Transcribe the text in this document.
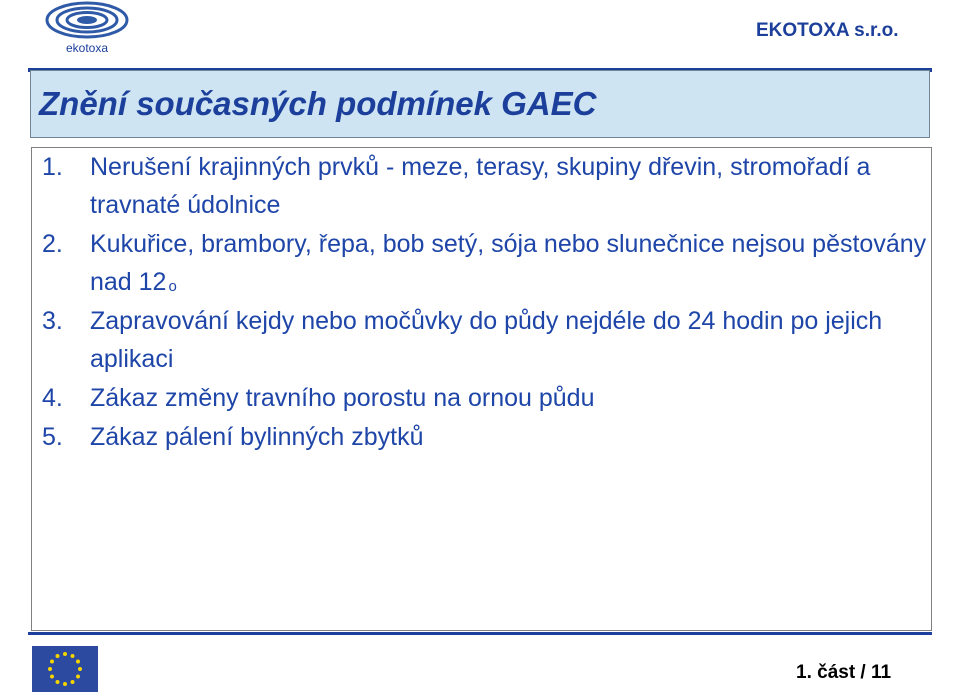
ekotoxa
EKOTOXA s.r.o.
Znění současných podmínek GAEC
1. Nerušení krajinných prvků - meze, terasy, skupiny dřevin, stromořadí a travnaté údolnice
2. Kukuřice, brambory, řepa, bob setý, sója nebo slunečnice nejsou pěstovány nad 12 $^o$
3. Zapravování kejdy nebo močůvky do půdy nejdéle do 24 hodin po jejich aplikaci
4. Zákaz změny travního porostu na ornou půdu
5. Zákaz pálení bylinných zbytků
1. část / 11
